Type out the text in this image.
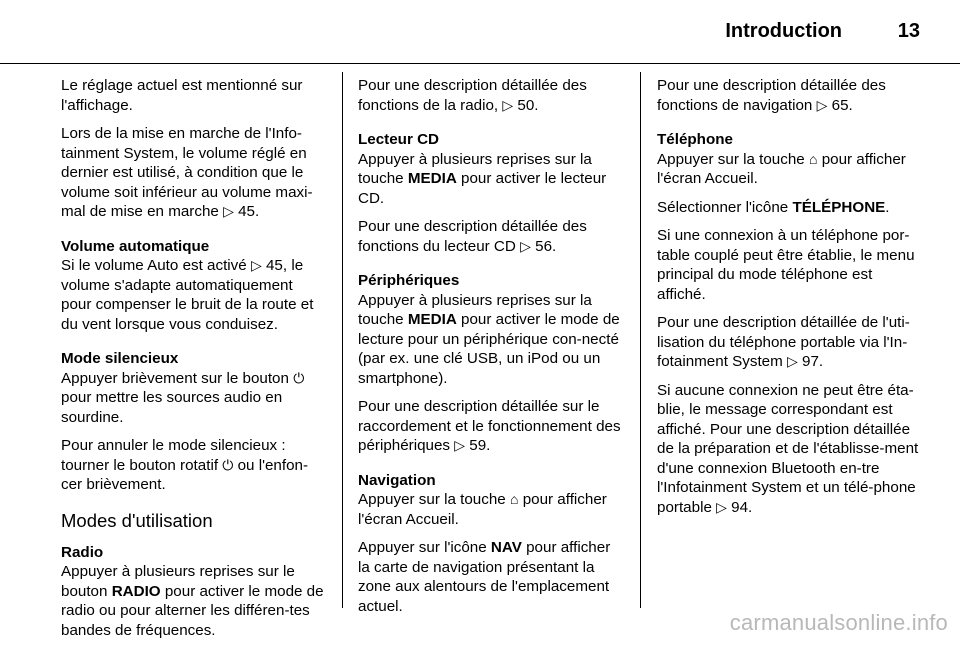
Introduction	13

Le réglage actuel est mentionné sur l'affichage.

Lors de la mise en marche de l'Info-tainment System, le volume réglé en dernier est utilisé, à condition que le volume soit inférieur au volume maxi-mal de mise en marche ▷ 45.

Volume automatique

Si le volume Auto est activé ▷ 45, le volume s'adapte automatiquement pour compenser le bruit de la route et du vent lorsque vous conduisez.

Mode silencieux

Appuyer brièvement sur le bouton ⏻ pour mettre les sources audio en sourdine.

Pour annuler le mode silencieux : tourner le bouton rotatif ⏻ ou l'enfon-cer brièvement.

Modes d'utilisation
Radio

Appuyer à plusieurs reprises sur le bouton RADIO pour activer le mode de radio ou pour alterner les différen-tes bandes de fréquences.

Pour une description détaillée des fonctions de la radio, ▷ 50.

Lecteur CD

Appuyer à plusieurs reprises sur la touche MEDIA pour activer le lecteur CD.

Pour une description détaillée des fonctions du lecteur CD ▷ 56.

Périphériques

Appuyer à plusieurs reprises sur la touche MEDIA pour activer le mode de lecture pour un périphérique con-necté (par ex. une clé USB, un iPod ou un smartphone).

Pour une description détaillée sur le raccordement et le fonctionnement des périphériques ▷ 59.

Navigation

Appuyer sur la touche ⌂ pour afficher l'écran Accueil.

Appuyer sur l'icône NAV pour afficher la carte de navigation présentant la zone aux alentours de l'emplacement actuel.

Pour une description détaillée des fonctions de navigation ▷ 65.

Téléphone

Appuyer sur la touche ⌂ pour afficher l'écran Accueil.

Sélectionner l'icône TÉLÉPHONE.

Si une connexion à un téléphone por-table couplé peut être établie, le menu principal du mode téléphone est affiché.

Pour une description détaillée de l'uti-lisation du téléphone portable via l'In-fotainment System ▷ 97.

Si aucune connexion ne peut être éta-blie, le message correspondant est affiché. Pour une description détaillée de la préparation et de l'établisse-ment d'une connexion Bluetooth en-tre l'Infotainment System et un télé-phone portable ▷ 94.

carmanualsonline.info
